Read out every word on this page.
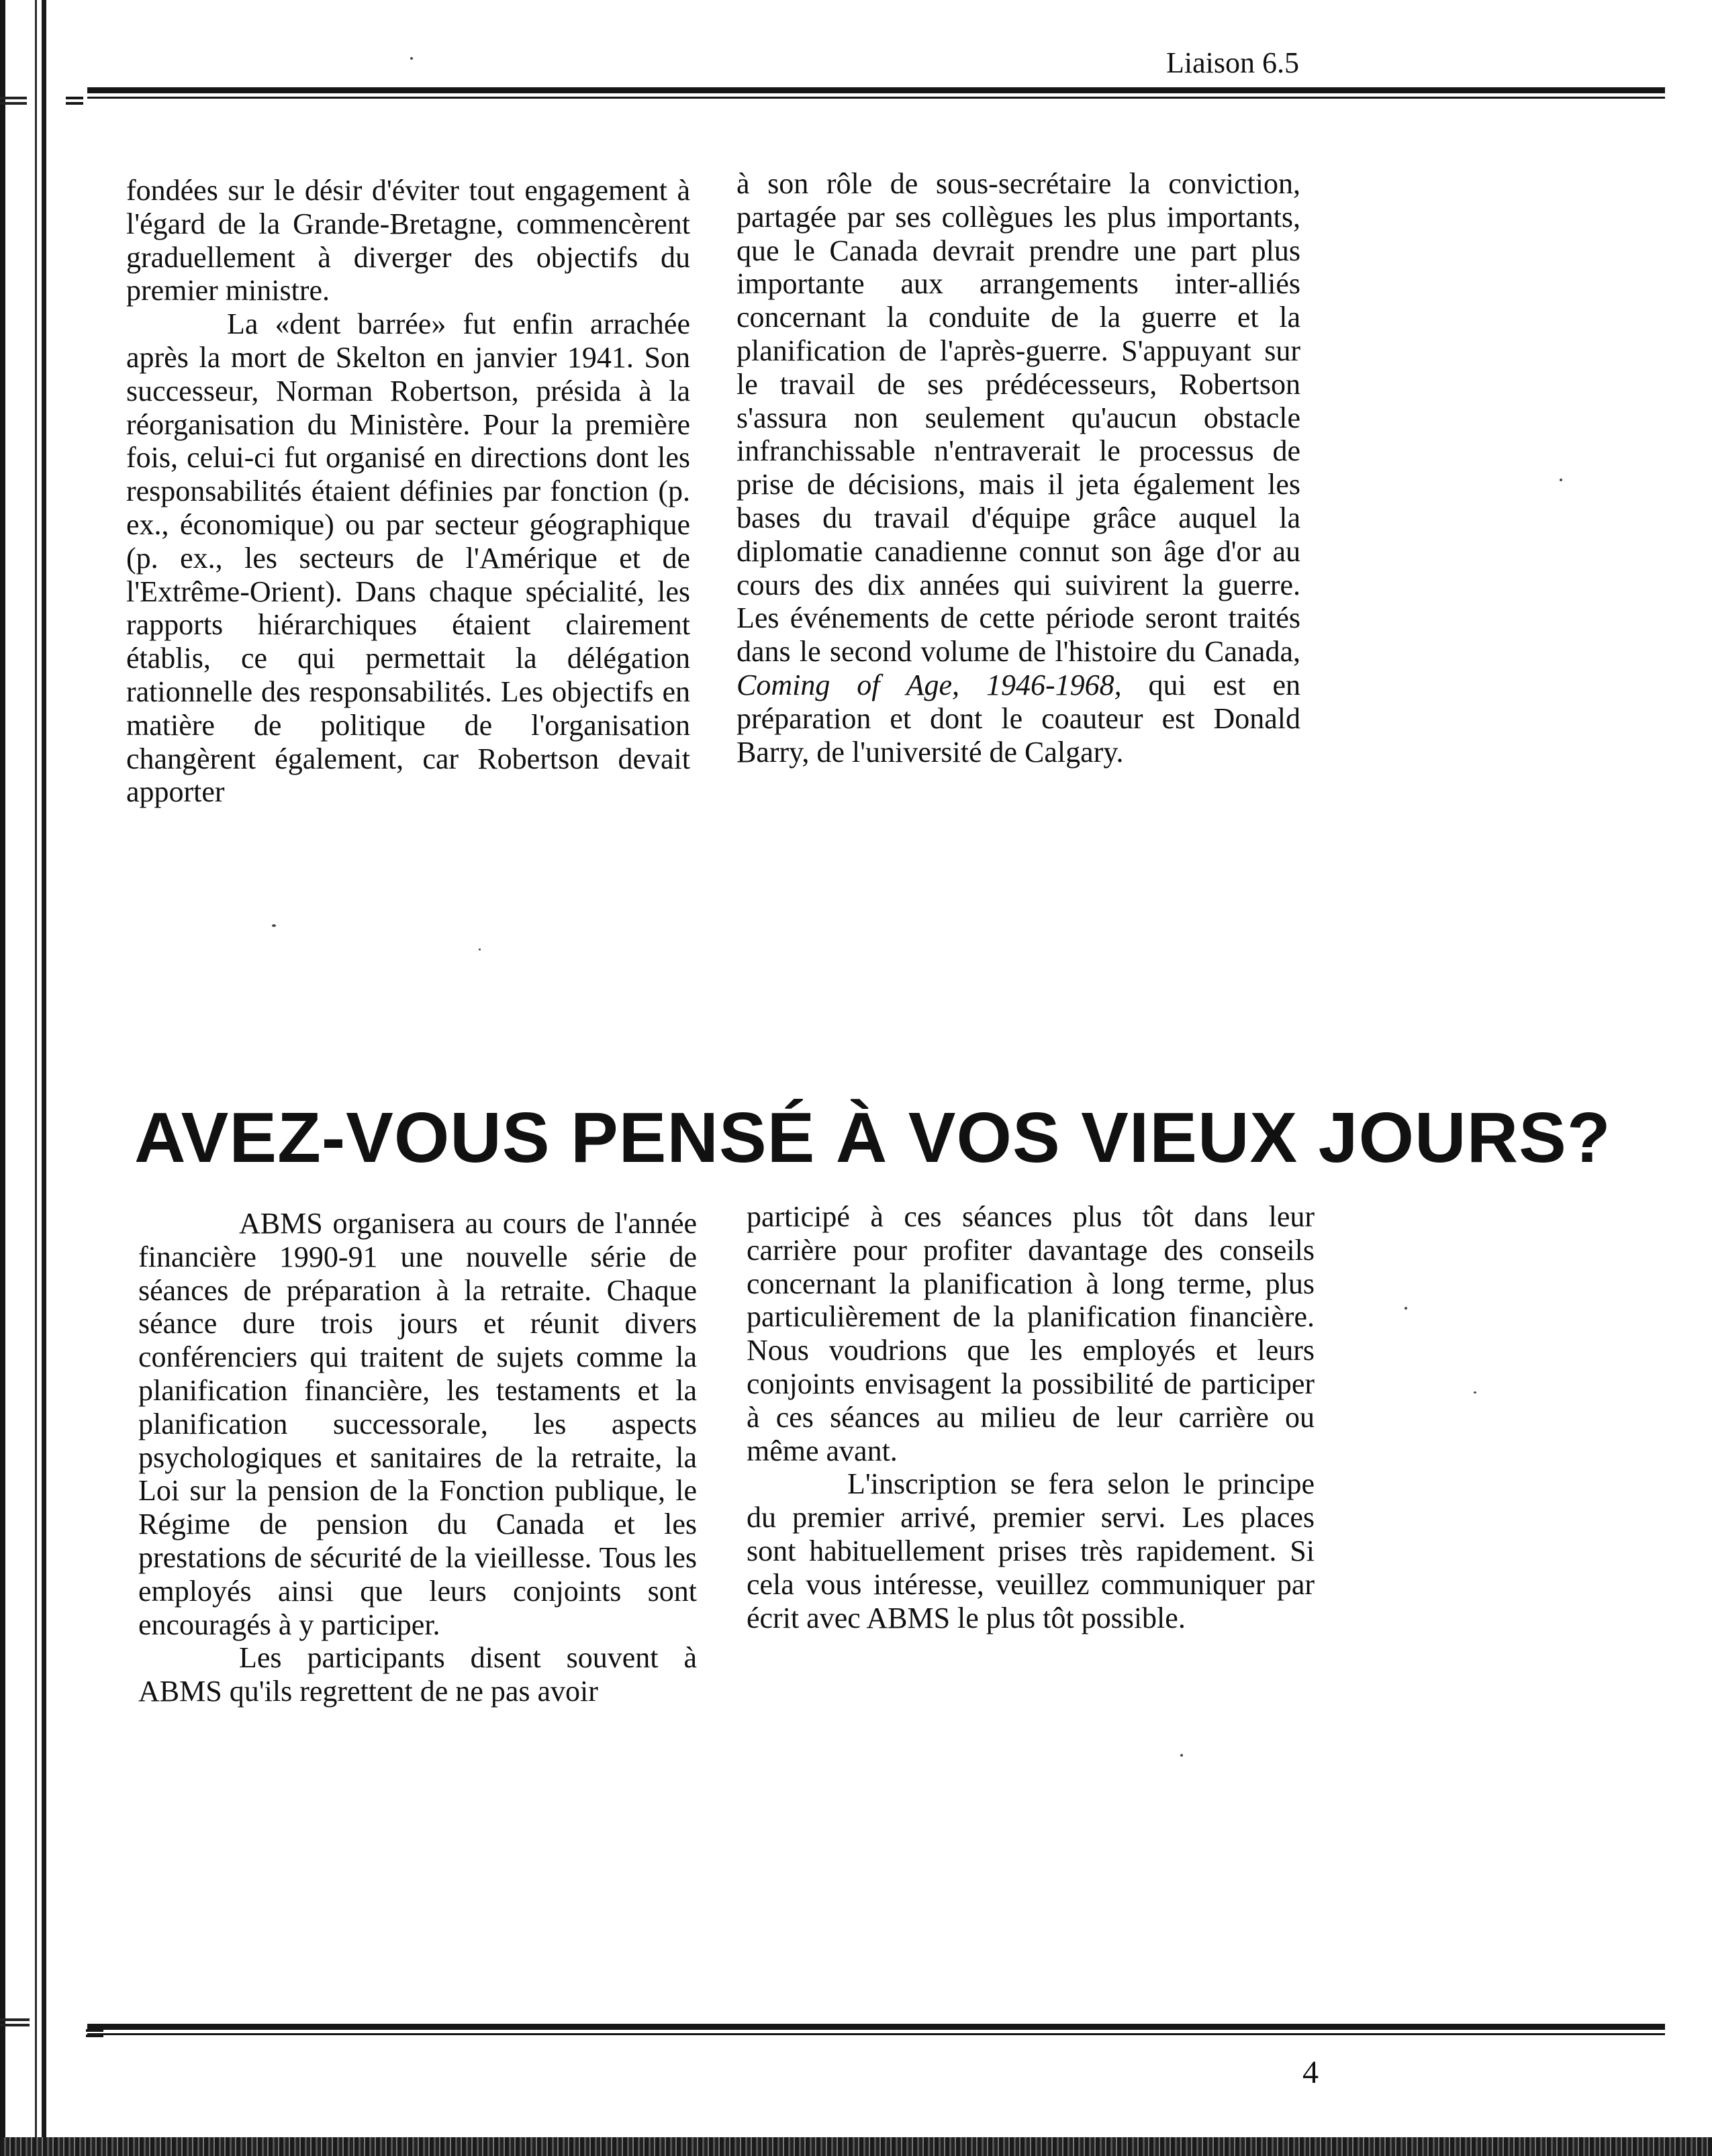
Liaison 6.5

fondées sur le désir d'éviter tout engagement à l'égard de la Grande-Bretagne, commencèrent graduellement à diverger des objectifs du premier ministre.

La «dent barrée» fut enfin arrachée après la mort de Skelton en janvier 1941. Son successeur, Norman Robertson, présida à la réorganisation du Ministère. Pour la première fois, celui-ci fut organisé en directions dont les responsabilités étaient définies par fonction (p. ex., économique) ou par secteur géographique (p. ex., les secteurs de l'Amérique et de l'Extrême-Orient). Dans chaque spécialité, les rapports hiérarchiques étaient clairement établis, ce qui permettait la délégation rationnelle des responsabilités. Les objectifs en matière de politique de l'organisation changèrent également, car Robertson devait apporter

à son rôle de sous-secrétaire la conviction, partagée par ses collègues les plus importants, que le Canada devrait prendre une part plus importante aux arrangements inter-alliés concernant la conduite de la guerre et la planification de l'après-guerre. S'appuyant sur le travail de ses prédécesseurs, Robertson s'assura non seulement qu'aucun obstacle infranchissable n'entraverait le processus de prise de décisions, mais il jeta également les bases du travail d'équipe grâce auquel la diplomatie canadienne connut son âge d'or au cours des dix années qui suivirent la guerre. Les événements de cette période seront traités dans le second volume de l'histoire du Canada, Coming of Age, 1946-1968, qui est en préparation et dont le coauteur est Donald Barry, de l'université de Calgary.

AVEZ-VOUS PENSÉ À VOS VIEUX JOURS?

ABMS organisera au cours de l'année financière 1990-91 une nouvelle série de séances de préparation à la retraite. Chaque séance dure trois jours et réunit divers conférenciers qui traitent de sujets comme la planification financière, les testaments et la planification successorale, les aspects psychologiques et sanitaires de la retraite, la Loi sur la pension de la Fonction publique, le Régime de pension du Canada et les prestations de sécurité de la vieillesse. Tous les employés ainsi que leurs conjoints sont encouragés à y participer.

Les participants disent souvent à ABMS qu'ils regrettent de ne pas avoir

participé à ces séances plus tôt dans leur carrière pour profiter davantage des conseils concernant la planification à long terme, plus particulièrement de la planification financière. Nous voudrions que les employés et leurs conjoints envisagent la possibilité de participer à ces séances au milieu de leur carrière ou même avant.

L'inscription se fera selon le principe du premier arrivé, premier servi. Les places sont habituellement prises très rapidement. Si cela vous intéresse, veuillez communiquer par écrit avec ABMS le plus tôt possible.

4
